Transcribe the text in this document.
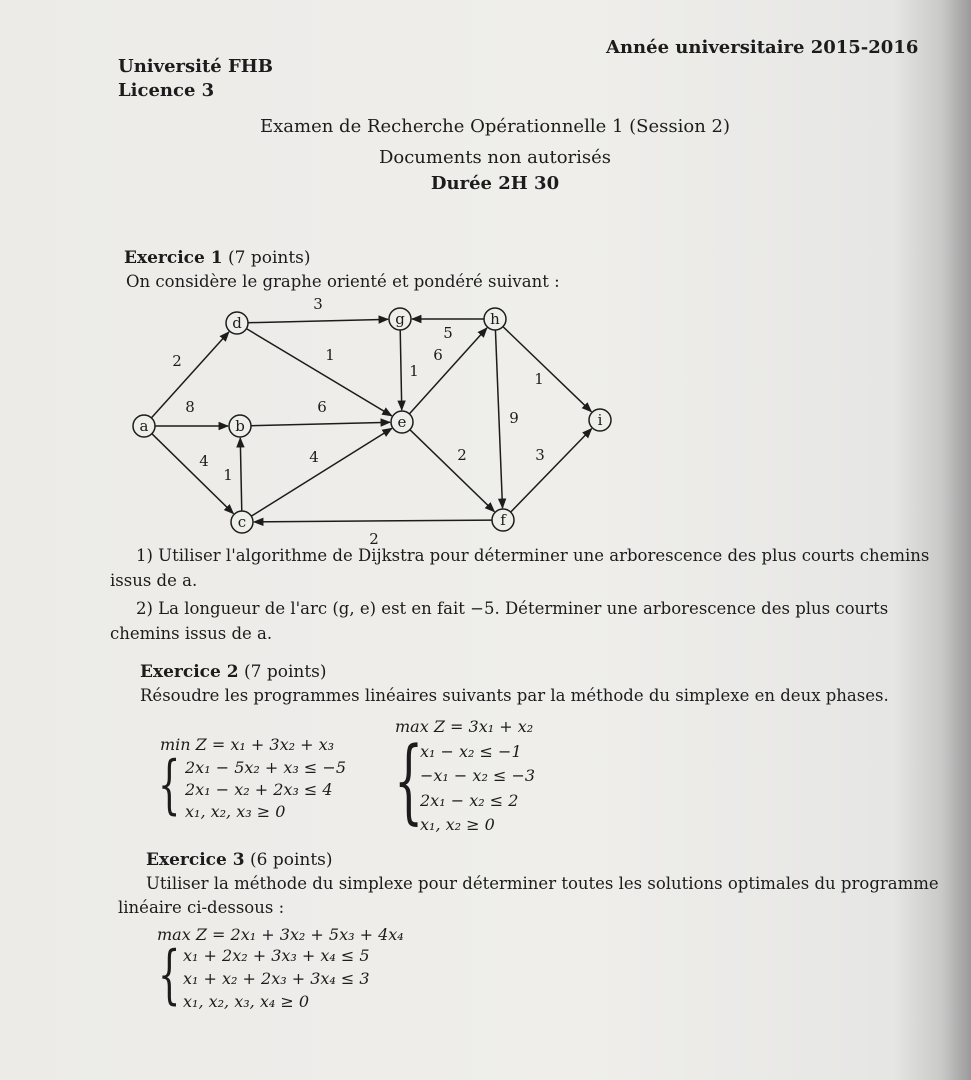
Université FHB
Licence 3
Année universitaire 2015-2016
Examen de Recherche Opérationnelle 1 (Session 2)
Documents non autorisés
Durée 2H 30
Exercice 1 (7 points)
On considère le graphe orienté et pondéré suivant :
2
8
4
1
3
1
6
4
1
5
6
2
9
1
3
2
a	b
c
d
e
f
g	h
i
1) Utiliser l'algorithme de Dijkstra pour déterminer une arborescence des plus courts chemins
issus de a.
2) La longueur de l'arc (g, e) est en fait −5. Déterminer une arborescence des plus courts
chemins issus de a.
Exercice 2 (7 points)
Résoudre les programmes linéaires suivants par la méthode du simplexe en deux phases.
min Z = x₁ + 3x₂ + x₃
{ 2x₁ − 5x₂ + x₃ ≤ −5
2x₁ − x₂ + 2x₃ ≤ 4
x₁, x₂, x₃ ≥ 0
max Z = 3x₁ + x₂
{
x₁ − x₂ ≤ −1
−x₁ − x₂ ≤ −3
2x₁ − x₂ ≤ 2
x₁, x₂ ≥ 0
Exercice 3 (6 points)
Utiliser la méthode du simplexe pour déterminer toutes les solutions optimales du programme
linéaire ci-dessous :
max Z = 2x₁ + 3x₂ + 5x₃ + 4x₄
{ x₁ + 2x₂ + 3x₃ + x₄ ≤ 5
x₁ + x₂ + 2x₃ + 3x₄ ≤ 3
x₁, x₂, x₃, x₄ ≥ 0
